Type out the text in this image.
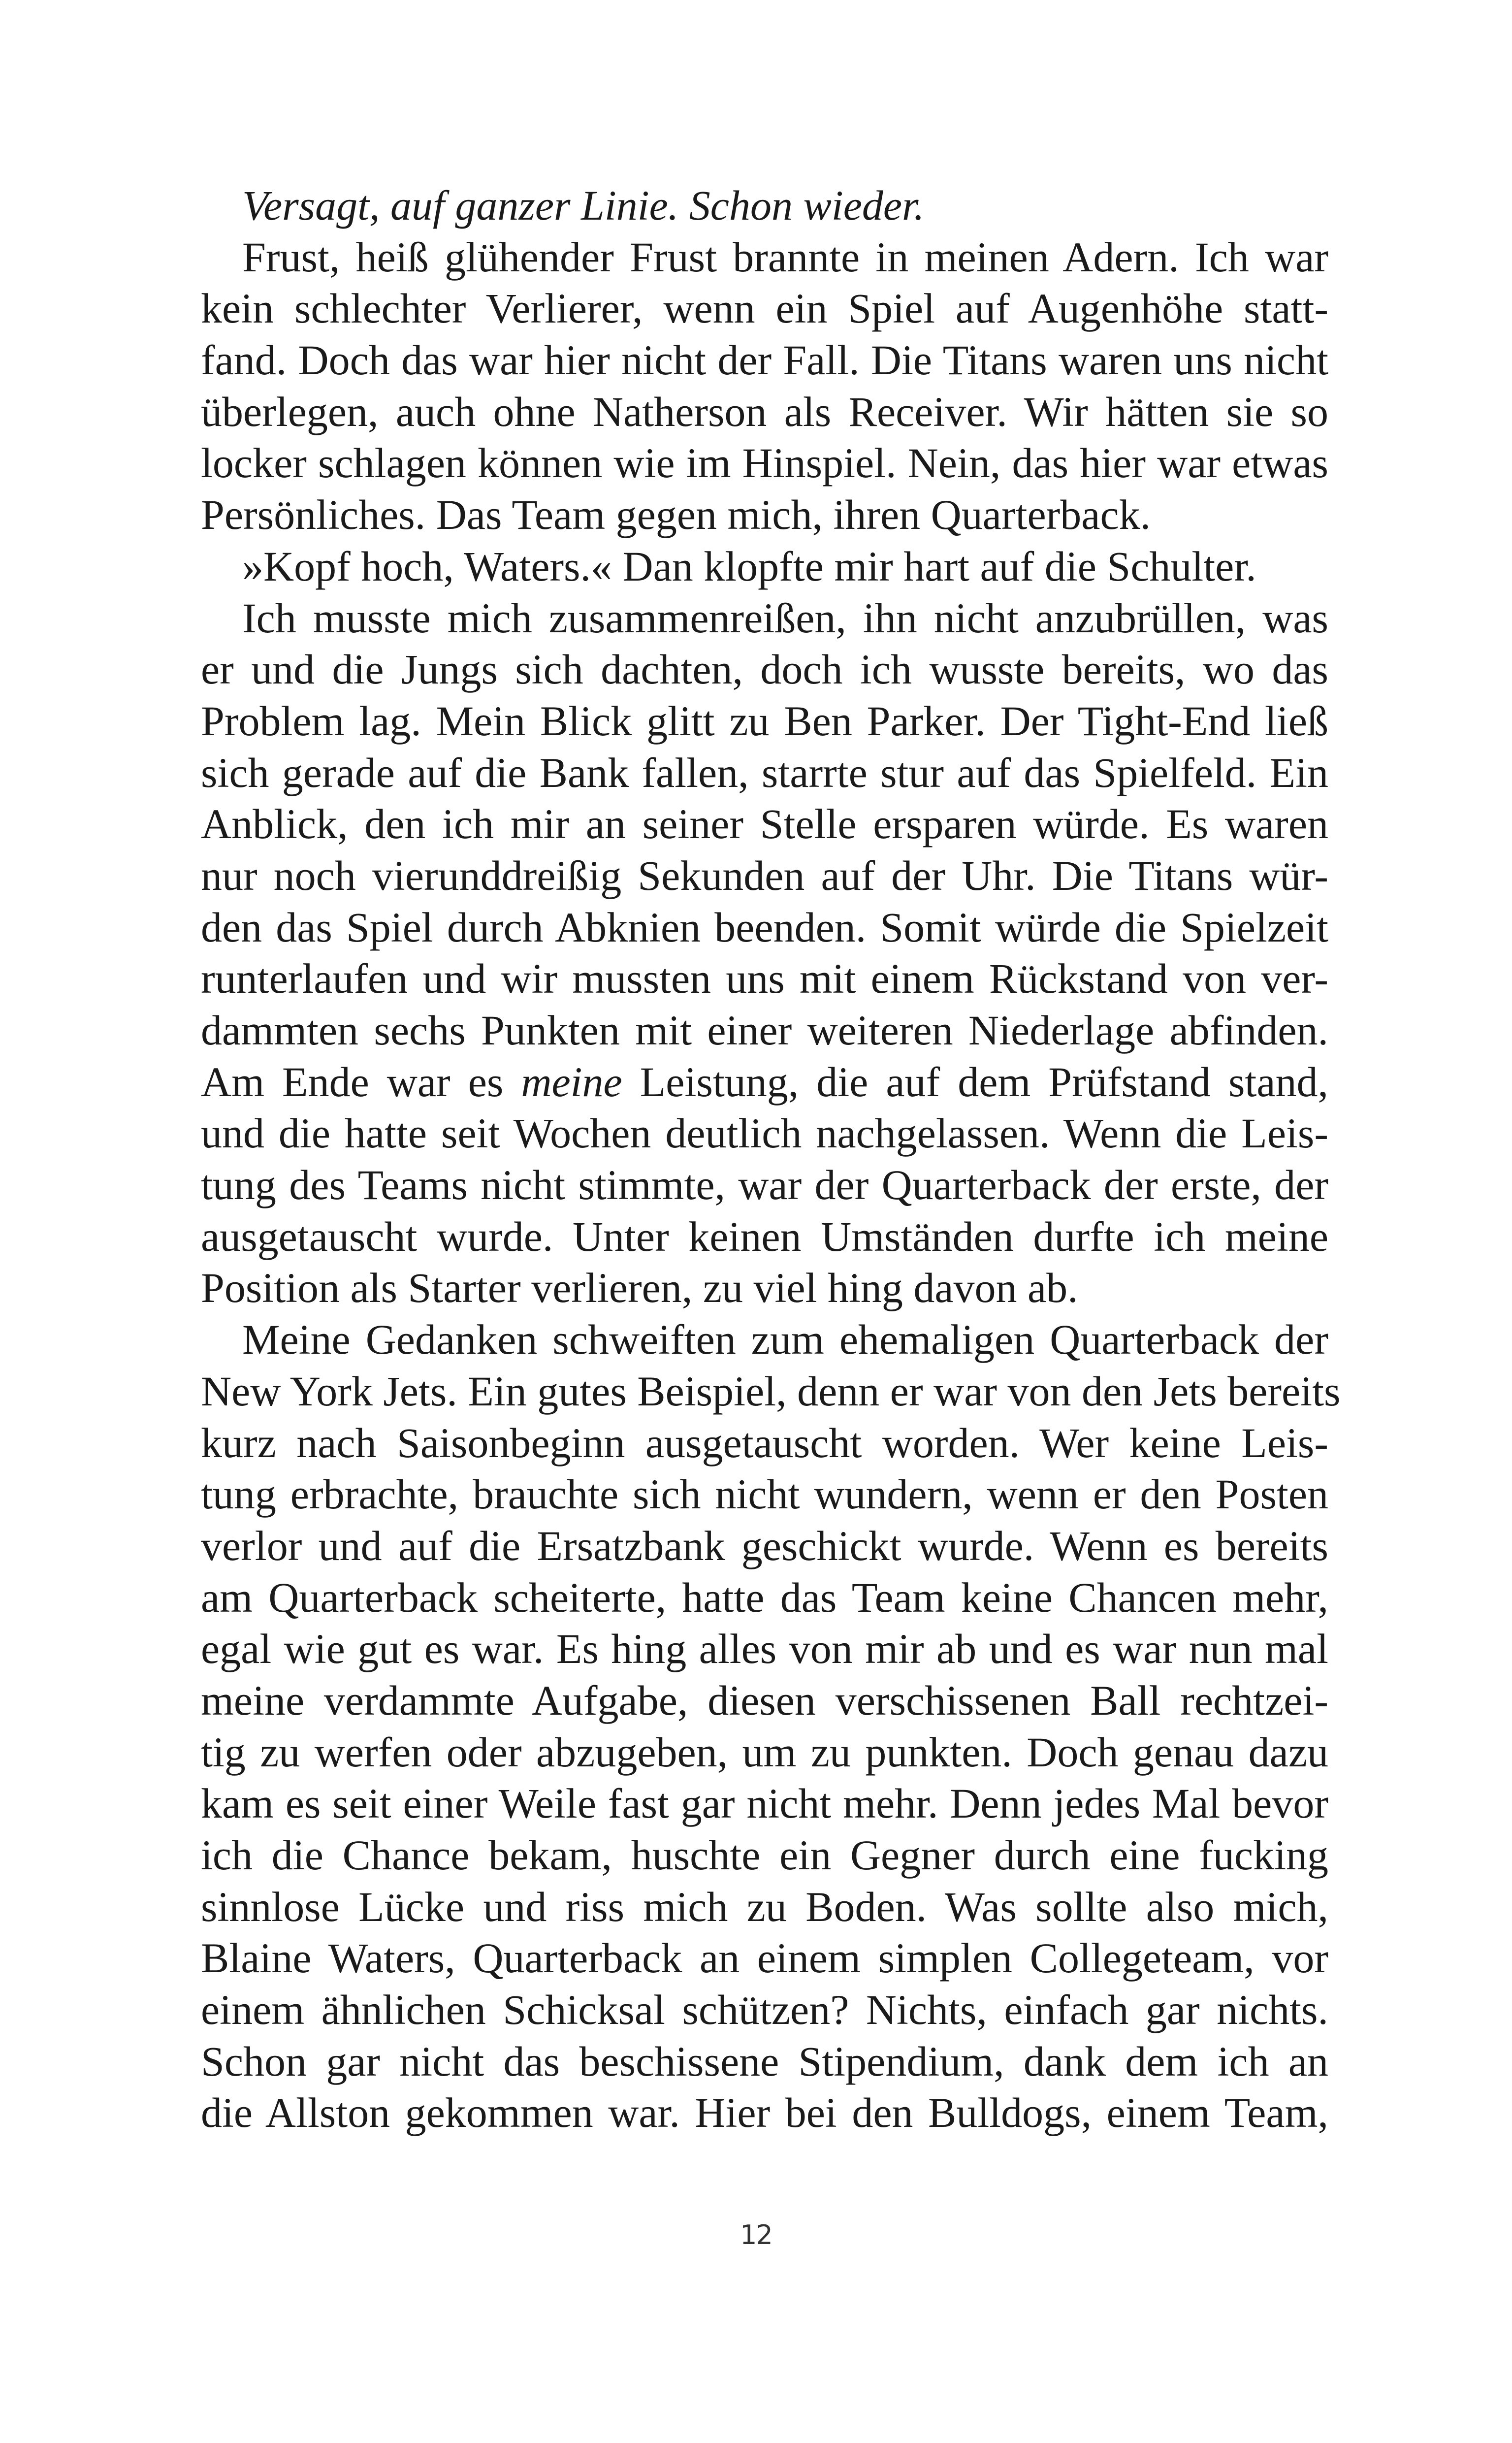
Versagt, auf ganzer Linie. Schon wieder.
Frust, heiß glühender Frust brannte in meinen Adern. Ich war
kein schlechter Verlierer, wenn ein Spiel auf Augenhöhe statt-
fand. Doch das war hier nicht der Fall. Die Titans waren uns nicht
überlegen, auch ohne Natherson als Receiver. Wir hätten sie so
locker schlagen können wie im Hinspiel. Nein, das hier war etwas
Persönliches. Das Team gegen mich, ihren Quarterback.
»Kopf hoch, Waters.« Dan klopfte mir hart auf die Schulter.
Ich musste mich zusammenreißen, ihn nicht anzubrüllen, was
er und die Jungs sich dachten, doch ich wusste bereits, wo das
Problem lag. Mein Blick glitt zu Ben Parker. Der Tight-End ließ
sich gerade auf die Bank fallen, starrte stur auf das Spielfeld. Ein
Anblick, den ich mir an seiner Stelle ersparen würde. Es waren
nur noch vierunddreißig Sekunden auf der Uhr. Die Titans wür-
den das Spiel durch Abknien beenden. Somit würde die Spielzeit
runterlaufen und wir mussten uns mit einem Rückstand von ver-
dammten sechs Punkten mit einer weiteren Niederlage abfinden.
Am Ende war es meine Leistung, die auf dem Prüfstand stand,
und die hatte seit Wochen deutlich nachgelassen. Wenn die Leis-
tung des Teams nicht stimmte, war der Quarterback der erste, der
ausgetauscht wurde. Unter keinen Umständen durfte ich meine
Position als Starter verlieren, zu viel hing davon ab.
Meine Gedanken schweiften zum ehemaligen Quarterback der
New York Jets. Ein gutes Beispiel, denn er war von den Jets bereits
kurz nach Saisonbeginn ausgetauscht worden. Wer keine Leis-
tung erbrachte, brauchte sich nicht wundern, wenn er den Posten
verlor und auf die Ersatzbank geschickt wurde. Wenn es bereits
am Quarterback scheiterte, hatte das Team keine Chancen mehr,
egal wie gut es war. Es hing alles von mir ab und es war nun mal
meine verdammte Aufgabe, diesen verschissenen Ball rechtzei-
tig zu werfen oder abzugeben, um zu punkten. Doch genau dazu
kam es seit einer Weile fast gar nicht mehr. Denn jedes Mal bevor
ich die Chance bekam, huschte ein Gegner durch eine fucking
sinnlose Lücke und riss mich zu Boden. Was sollte also mich,
Blaine Waters, Quarterback an einem simplen Collegeteam, vor
einem ähnlichen Schicksal schützen? Nichts, einfach gar nichts.
Schon gar nicht das beschissene Stipendium, dank dem ich an
die Allston gekommen war. Hier bei den Bulldogs, einem Team,
12
